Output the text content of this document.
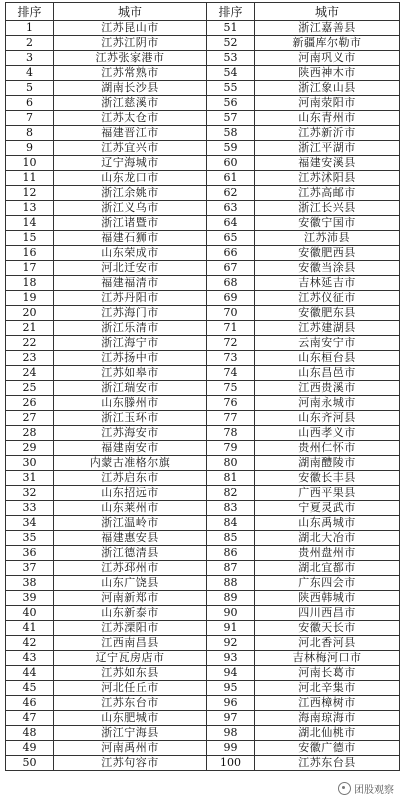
排序	城市	排序	城市
1	江苏昆山市	51	浙江嘉善县
2	江苏江阴市	52	新疆库尔勒市
3	江苏张家港市	53	河南巩义市
4	江苏常熟市	54	陕西神木市
5	湖南长沙县	55	浙江象山县
6	浙江慈溪市	56	河南荥阳市
7	江苏太仓市	57	山东青州市
8	福建晋江市	58	江苏新沂市
9	江苏宜兴市	59	浙江平湖市
10	辽宁海城市	60	福建安溪县
11	山东龙口市	61	江苏沭阳县
12	浙江余姚市	62	江苏高邮市
13	浙江义乌市	63	浙江长兴县
14	浙江诸暨市	64	安徽宁国市
15	福建石狮市	65	江苏沛县
16	山东荣成市	66	安徽肥西县
17	河北迁安市	67	安徽当涂县
18	福建福清市	68	吉林延吉市
19	江苏丹阳市	69	江苏仪征市
20	江苏海门市	70	安徽肥东县
21	浙江乐清市	71	江苏建湖县
22	浙江海宁市	72	云南安宁市
23	江苏扬中市	73	山东桓台县
24	江苏如皋市	74	山东昌邑市
25	浙江瑞安市	75	江西贵溪市
26	山东滕州市	76	河南永城市
27	浙江玉环市	77	山东齐河县
28	江苏海安市	78	山西孝义市
29	福建南安市	79	贵州仁怀市
30	内蒙古准格尔旗	80	湖南醴陵市
31	江苏启东市	81	安徽长丰县
32	山东招远市	82	广西平果县
33	山东莱州市	83	宁夏灵武市
34	浙江温岭市	84	山东禹城市
35	福建惠安县	85	湖北大冶市
36	浙江德清县	86	贵州盘州市
37	江苏邳州市	87	湖北宜都市
38	山东广饶县	88	广东四会市
39	河南新郑市	89	陕西韩城市
40	山东新泰市	90	四川西昌市
41	江苏溧阳市	91	安徽天长市
42	江西南昌县	92	河北香河县
43	辽宁瓦房店市	93	吉林梅河口市
44	江苏如东县	94	河南长葛市
45	河北任丘市	95	河北辛集市
46	江苏东台市	96	江西樟树市
47	山东肥城市	97	海南琼海市
48	浙江宁海县	98	湖北仙桃市
49	河南禹州市	99	安徽广德市
50	江苏句容市	100	江苏东台县
团股观察
